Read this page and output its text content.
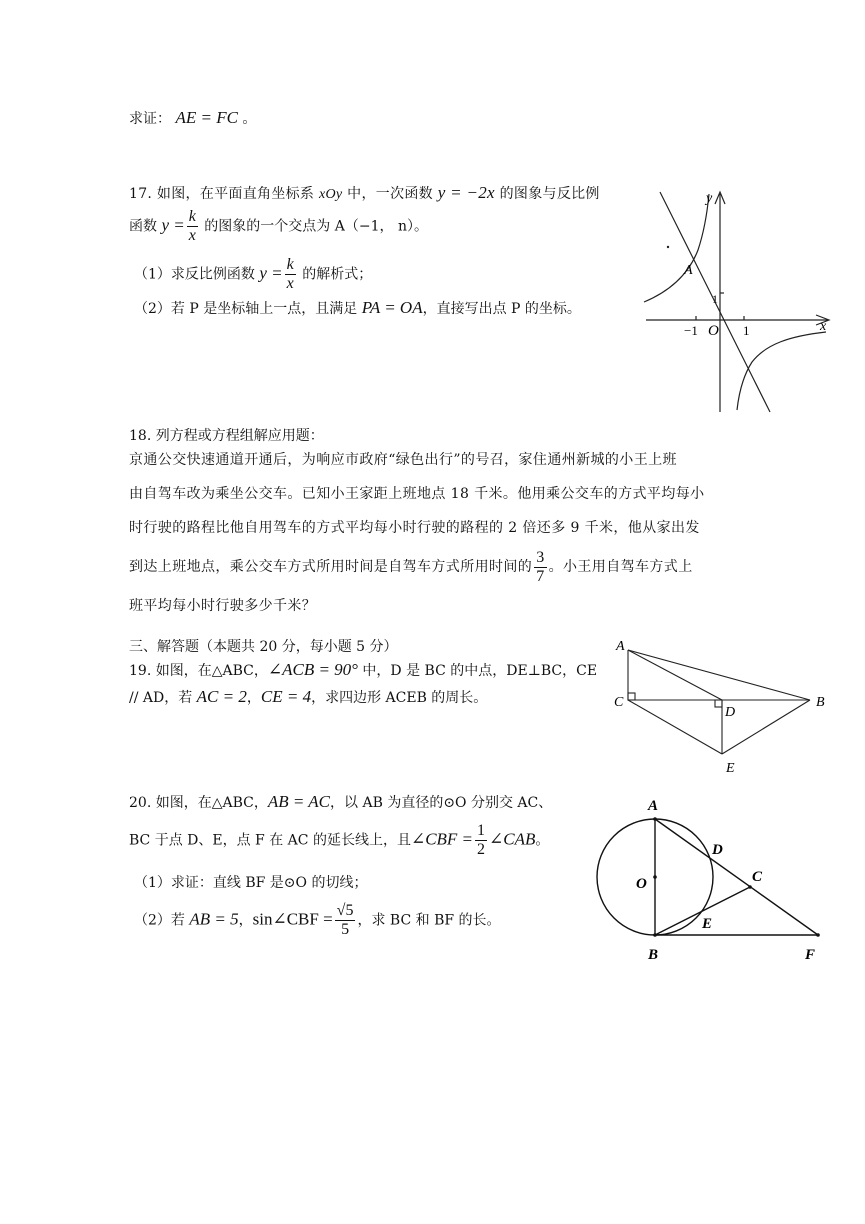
求证： AE = FC 。
17. 如图，在平面直角坐标系 xOy 中，一次函数 y = −2x 的图象与反比例
函数 $y = \frac{k}{x}$ 的图象的一个交点为 A（−1， n）。
（1）求反比例函数 $y = \frac{k}{x}$ 的解析式；
（2）若 P 是坐标轴上一点，且满足 PA = OA，直接写出点 P 的坐标。
A
1
−1 O 1
y
x
18. 列方程或方程组解应用题：
京通公交快速通道开通后，为响应市政府“绿色出行”的号召，家住通州新城的小王上班
由自驾车改为乘坐公交车。已知小王家距上班地点 18 千米。他用乘公交车的方式平均每小
时行驶的路程比他自用驾车的方式平均每小时行驶的路程的 2 倍还多 9 千米，他从家出发
到达上班地点，乘公交车方式所用时间是自驾车方式所用时间的 $\frac{3}{7}$ 。小王用自驾车方式上
班平均每小时行驶多少千米？
三、解答题（本题共 20 分，每小题 5 分）
19. 如图，在△ABC，∠ACB = 90° 中，D 是 BC 的中点，DE⊥BC，CE
// AD，若 AC = 2，CE = 4，求四边形 ACEB 的周长。
A
C
D
B
E
20. 如图，在△ABC，AB = AC，以 AB 为直径的⊙O 分别交 AC、
BC 于点 D、E，点 F 在 AC 的延长线上，且∠CBF = $\frac{1}{2}$ ∠CAB。
（1）求证：直线 BF 是⊙O 的切线；
（2）若 AB = 5，sin∠CBF = $\frac{√5}{5}$ ，求 BC 和 BF 的长。
A
B
C
D
E
F
O
